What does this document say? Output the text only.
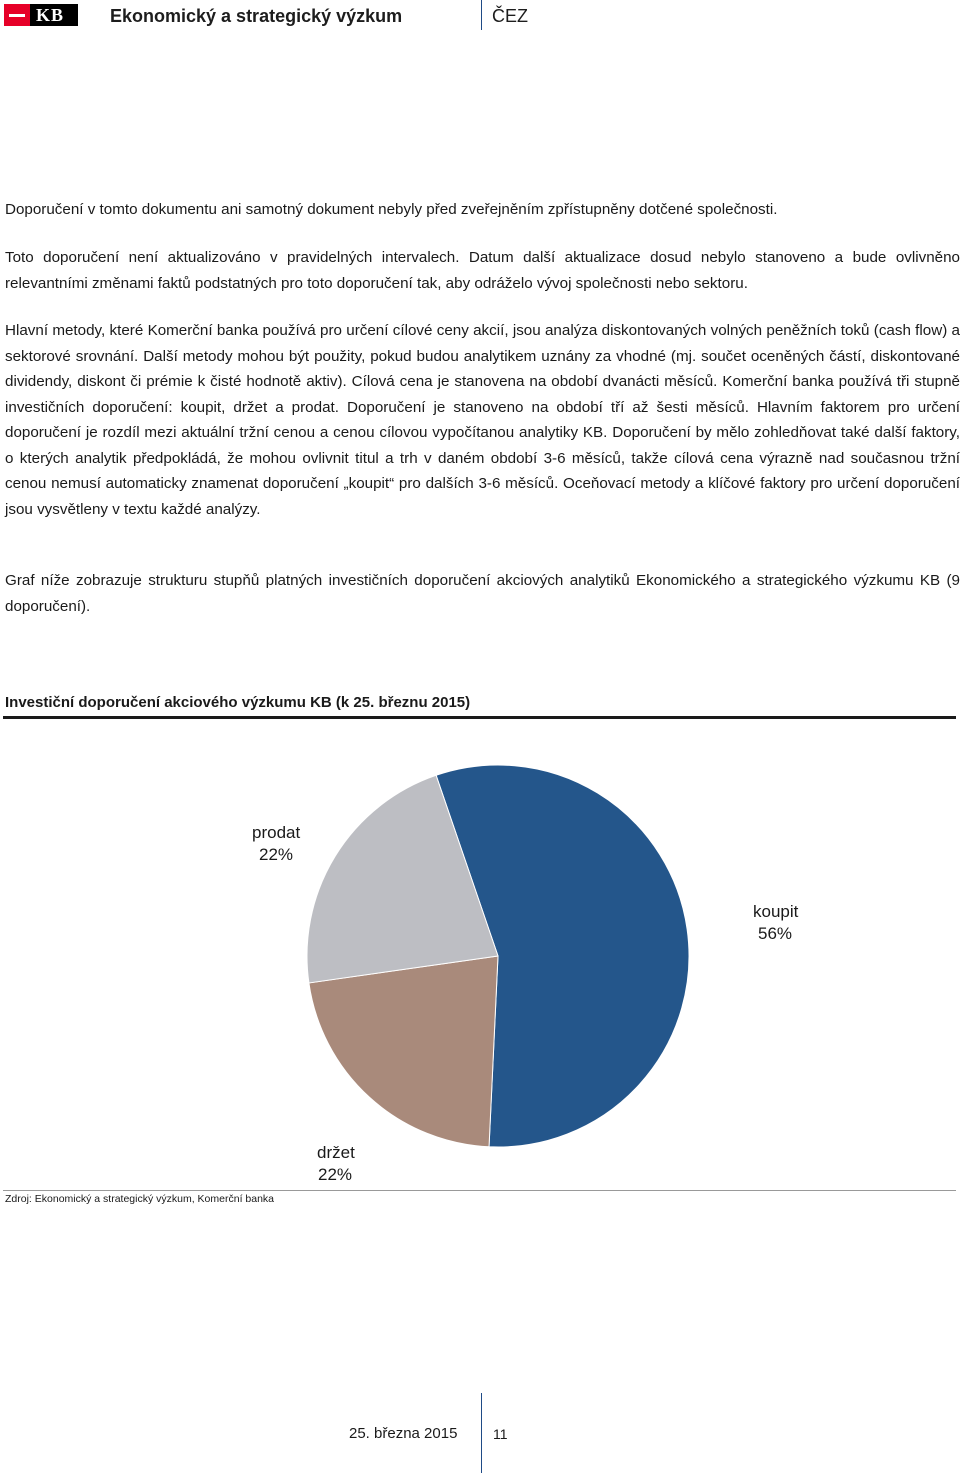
KB	Ekonomický a strategický výzkum	ČEZ

Doporučení v tomto dokumentu ani samotný dokument nebyly před zveřejněním zpřístupněny dotčené společnosti.

Toto doporučení není aktualizováno v pravidelných intervalech. Datum další aktualizace dosud nebylo stanoveno a bude ovlivněno relevantními změnami faktů podstatných pro toto doporučení tak, aby odráželo vývoj společnosti nebo sektoru.

Hlavní metody, které Komerční banka používá pro určení cílové ceny akcií, jsou analýza diskontovaných volných peněžních toků (cash flow) a sektorové srovnání. Další metody mohou být použity, pokud budou analytikem uznány za vhodné (mj. součet oceněných částí, diskontované dividendy, diskont či prémie k čisté hodnotě aktiv). Cílová cena je stanovena na období dvanácti měsíců. Komerční banka používá tři stupně investičních doporučení: koupit, držet a prodat. Doporučení je stanoveno na období tří až šesti měsíců. Hlavním faktorem pro určení doporučení je rozdíl mezi aktuální tržní cenou a cenou cílovou vypočítanou analytiky KB. Doporučení by mělo zohledňovat také další faktory, o kterých analytik předpokládá, že mohou ovlivnit titul a trh v daném období 3-6 měsíců, takže cílová cena výrazně nad současnou tržní cenou nemusí automaticky znamenat doporučení „koupit“ pro dalších 3-6 měsíců. Oceňovací metody a klíčové faktory pro určení doporučení jsou vysvětleny v textu každé analýzy.

Graf níže zobrazuje strukturu stupňů platných investičních doporučení akciových analytiků Ekonomického a strategického výzkumu KB (9 doporučení).

Investiční doporučení akciového výzkumu KB (k 25. březnu 2015)
prodat
22%
koupit
56%
držet
22%
Zdroj: Ekonomický a strategický výzkum, Komerční banka
25. března 2015	11
